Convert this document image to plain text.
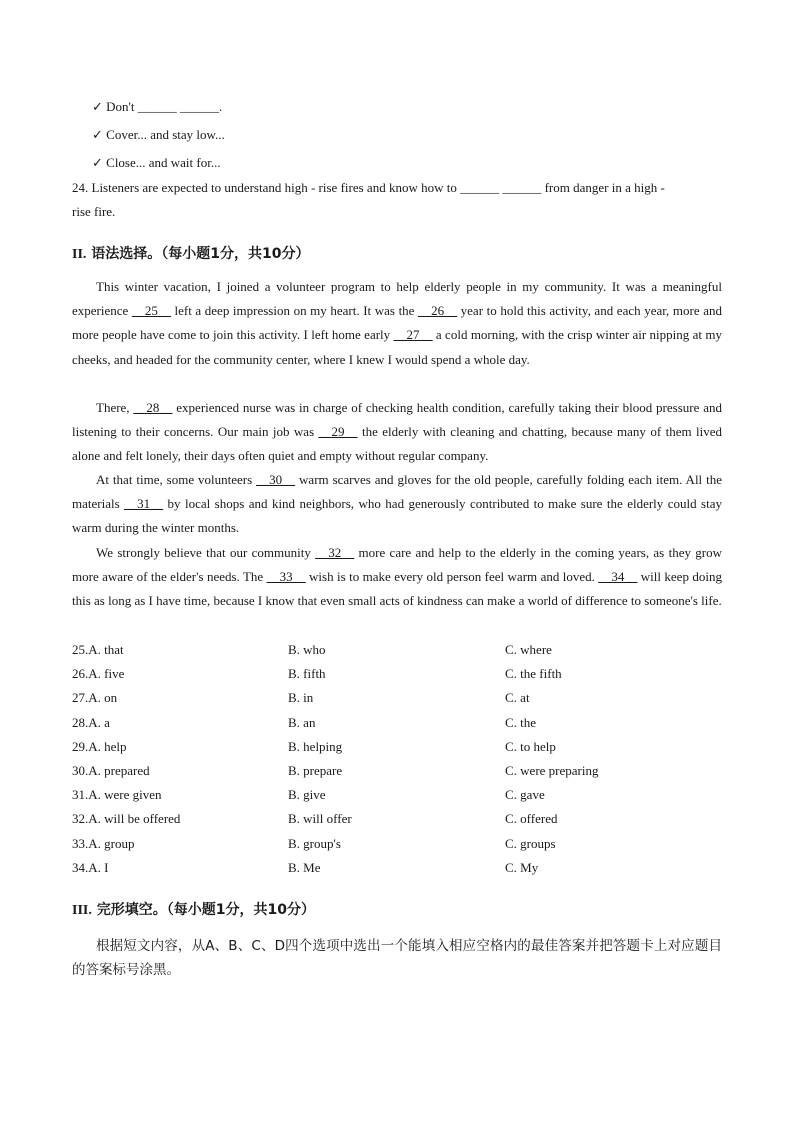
✓ Don't ______ ______.
✓ Cover... and stay low...
✓ Close... and wait for...
24. Listeners are expected to understand high - rise fires and know how to ______ ______ from danger in a high -
rise fire.
II. 语法选择。（每小题1分，共10分）
This winter vacation, I joined a volunteer program to help elderly people in my community. It was a meaningful experience __25__ left a deep impression on my heart. It was the __26__ year to hold this activity, and each year, more and more people have come to join this activity. I left home early __27__ a cold morning, with the crisp winter air nipping at my cheeks, and headed for the community center, where I knew I would spend a whole day.
There, __28__ experienced nurse was in charge of checking health condition, carefully taking their blood pressure and listening to their concerns. Our main job was __29__ the elderly with cleaning and chatting, because many of them lived alone and felt lonely, their days often quiet and empty without regular company.
At that time, some volunteers __30__ warm scarves and gloves for the old people, carefully folding each item. All the materials __31__ by local shops and kind neighbors, who had generously contributed to make sure the elderly could stay warm during the winter months.
We strongly believe that our community __32__ more care and help to the elderly in the coming years, as they grow more aware of the elder's needs. The __33__ wish is to make every old person feel warm and loved. __34__ will keep doing this as long as I have time, because I know that even small acts of kindness can make a world of difference to someone's life.
25.A. that	B. who	C. where
26.A. five	B. fifth	C. the fifth
27.A. on	B. in	C. at
28.A. a	B. an	C. the
29.A. help	B. helping	C. to help
30.A. prepared	B. prepare	C. were preparing
31.A. were given	B. give	C. gave
32.A. will be offered	B. will offer	C. offered
33.A. group	B. group's	C. groups
34.A. I	B. Me	C. My
III. 完形填空。（每小题1分，共10分）
根据短文内容，从A、B、C、D四个选项中选出一个能填入相应空格内的最佳答案并把答题卡上对应题目的答案标号涂黑。
